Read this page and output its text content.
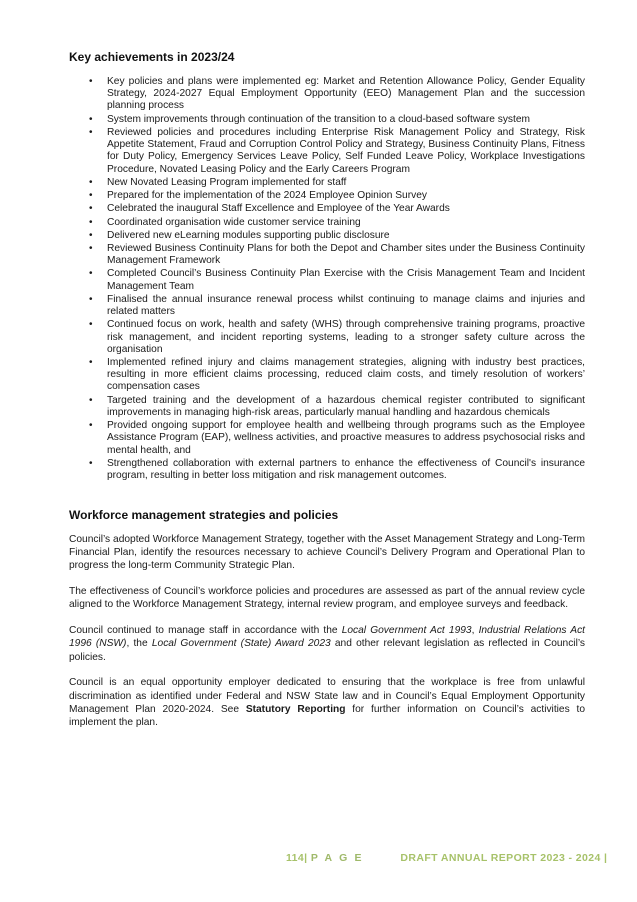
Key achievements in 2023/24
• Key policies and plans were implemented eg: Market and Retention Allowance Policy, Gender Equality Strategy, 2024-2027 Equal Employment Opportunity (EEO) Management Plan and the succession planning process
• System improvements through continuation of the transition to a cloud-based software system
• Reviewed policies and procedures including Enterprise Risk Management Policy and Strategy, Risk Appetite Statement, Fraud and Corruption Control Policy and Strategy, Business Continuity Plans, Fitness for Duty Policy, Emergency Services Leave Policy, Self Funded Leave Policy, Workplace Investigations Procedure, Novated Leasing Policy and the Early Careers Program
• New Novated Leasing Program implemented for staff
• Prepared for the implementation of the 2024 Employee Opinion Survey
• Celebrated the inaugural Staff Excellence and Employee of the Year Awards
• Coordinated organisation wide customer service training
• Delivered new eLearning modules supporting public disclosure
• Reviewed Business Continuity Plans for both the Depot and Chamber sites under the Business Continuity Management Framework
• Completed Council’s Business Continuity Plan Exercise with the Crisis Management Team and Incident Management Team
• Finalised the annual insurance renewal process whilst continuing to manage claims and injuries and related matters
• Continued focus on work, health and safety (WHS) through comprehensive training programs, proactive risk management, and incident reporting systems, leading to a stronger safety culture across the organisation
• Implemented refined injury and claims management strategies, aligning with industry best practices, resulting in more efficient claims processing, reduced claim costs, and timely resolution of workers’ compensation cases
• Targeted training and the development of a hazardous chemical register contributed to significant improvements in managing high-risk areas, particularly manual handling and hazardous chemicals
• Provided ongoing support for employee health and wellbeing through programs such as the Employee Assistance Program (EAP), wellness activities, and proactive measures to address psychosocial risks and mental health, and
• Strengthened collaboration with external partners to enhance the effectiveness of Council's insurance program, resulting in better loss mitigation and risk management outcomes.
Workforce management strategies and policies

Council’s adopted Workforce Management Strategy, together with the Asset Management Strategy and Long-Term Financial Plan, identify the resources necessary to achieve Council’s Delivery Program and Operational Plan to progress the long-term Community Strategic Plan.

The effectiveness of Council’s workforce policies and procedures are assessed as part of the annual review cycle aligned to the Workforce Management Strategy, internal review program, and employee surveys and feedback.

Council continued to manage staff in accordance with the Local Government Act 1993, Industrial Relations Act 1996 (NSW), the Local Government (State) Award 2023 and other relevant legislation as reflected in Council’s policies.

Council is an equal opportunity employer dedicated to ensuring that the workplace is free from unlawful discrimination as identified under Federal and NSW State law and in Council’s Equal Employment Opportunity Management Plan 2020-2024. See Statutory Reporting for further information on Council’s activities to implement the plan.

114| P A G E	DRAFT ANNUAL REPORT 2023 - 2024 |
